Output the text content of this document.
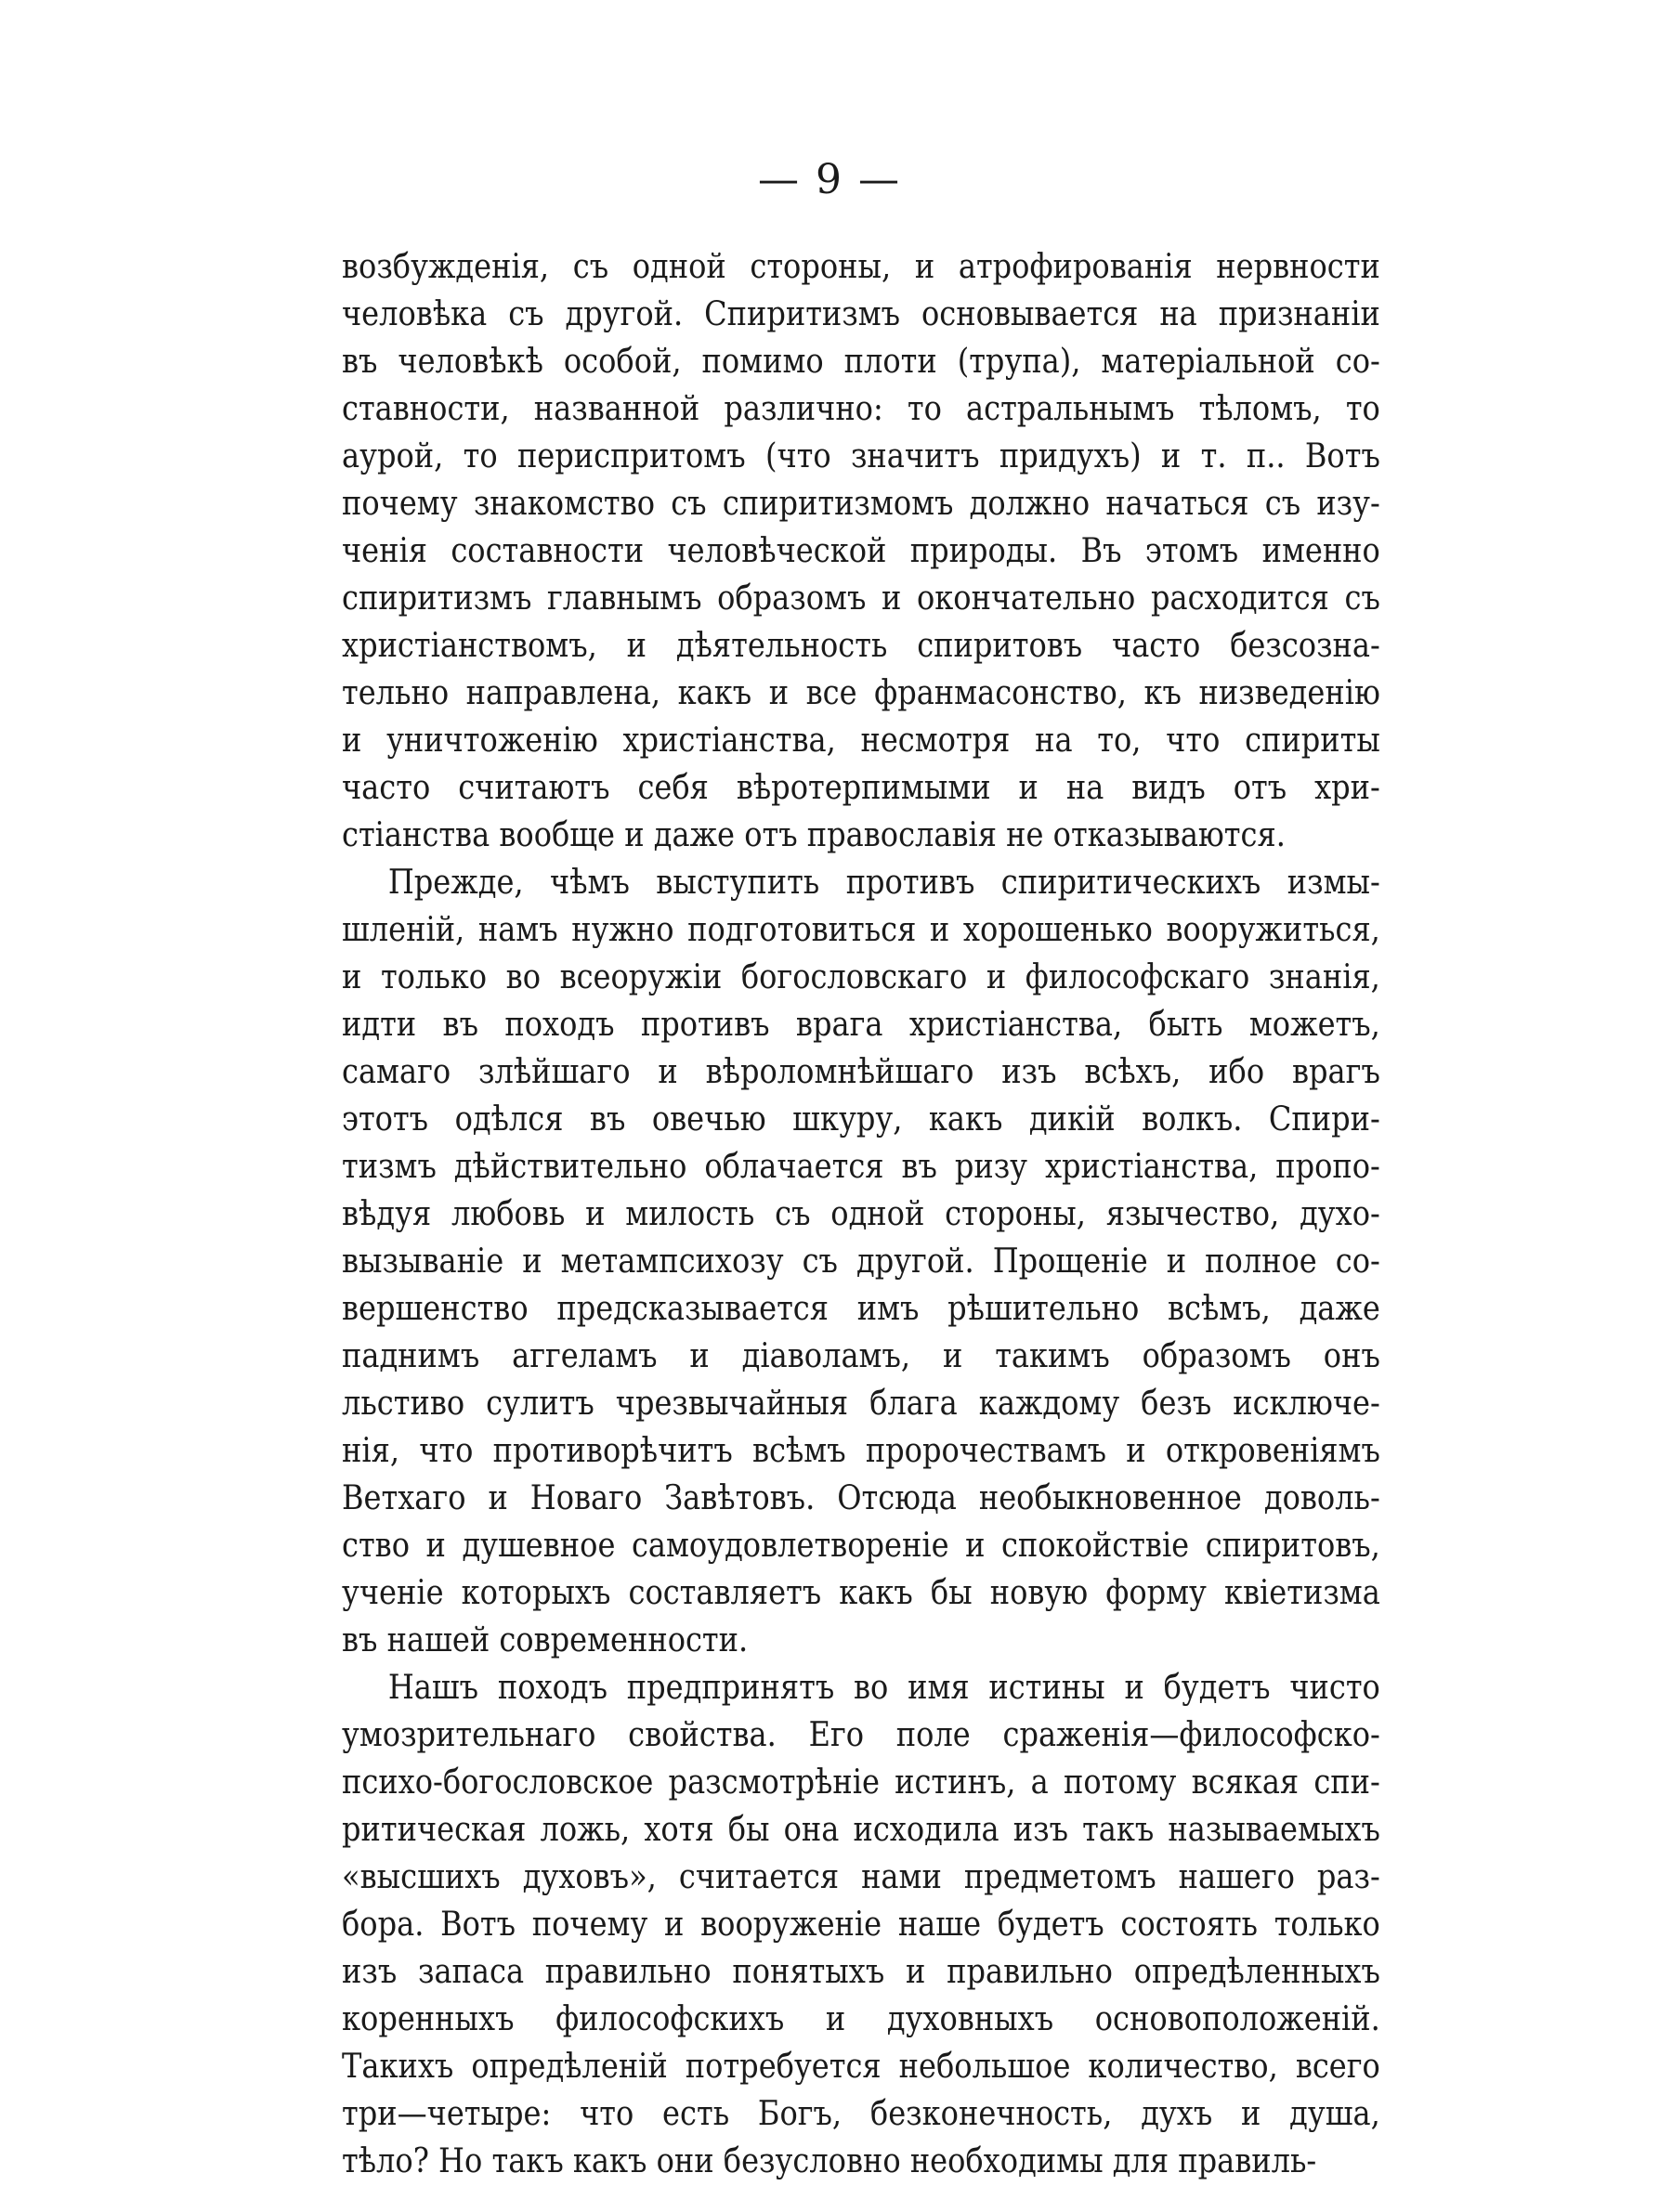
— 9 —
возбужденія, съ одной стороны, и атрофированія нервности
человѣка съ другой. Спиритизмъ основывается на признаніи
въ человѣкѣ особой, помимо плоти (трупа), матеріальной со-
ставности, названной различно: то астральнымъ тѣломъ, то
аурой, то периспритомъ (что значитъ придухъ) и т. п.. Вотъ
почему знакомство съ спиритизмомъ должно начаться съ изу-
ченія составности человѣческой природы. Въ этомъ именно
спиритизмъ главнымъ образомъ и окончательно расходится съ
христіанствомъ, и дѣятельность спиритовъ часто безсозна-
тельно направлена, какъ и все франмасонство, къ низведенію
и уничтоженію христіанства, несмотря на то, что спириты
часто считаютъ себя вѣротерпимыми и на видъ отъ хри-
стіанства вообще и даже отъ православія не отказываются.
Прежде, чѣмъ выступить противъ спиритическихъ измы-
шленій, намъ нужно подготовиться и хорошенько вооружиться,
и только во всеоружіи богословскаго и философскаго знанія,
идти въ походъ противъ врага христіанства, быть можетъ,
самаго злѣйшаго и вѣроломнѣйшаго изъ всѣхъ, ибо врагъ
этотъ одѣлся въ овечью шкуру, какъ дикій волкъ. Спири-
тизмъ дѣйствительно облачается въ ризу христіанства, пропо-
вѣдуя любовь и милость съ одной стороны, язычество, духо-
вызываніе и метампсихозу съ другой. Прощеніе и полное со-
вершенство предсказывается имъ рѣшительно всѣмъ, даже
паднимъ аггеламъ и діаволамъ, и такимъ образомъ онъ
льстиво сулитъ чрезвычайныя блага каждому безъ исключе-
нія, что противорѣчитъ всѣмъ пророчествамъ и откровеніямъ
Ветхаго и Новаго Завѣтовъ. Отсюда необыкновенное доволь-
ство и душевное самоудовлетвореніе и спокойствіе спиритовъ,
ученіе которыхъ составляетъ какъ бы новую форму квіетизма
въ нашей современности.
Нашъ походъ предпринятъ во имя истины и будетъ чисто
умозрительнаго свойства. Его поле сраженія—философско-
психо-богословское разсмотрѣніе истинъ, а потому всякая спи-
ритическая ложь, хотя бы она исходила изъ такъ называемыхъ
«высшихъ духовъ», считается нами предметомъ нашего раз-
бора. Вотъ почему и вооруженіе наше будетъ состоять только
изъ запаса правильно понятыхъ и правильно опредѣленныхъ
коренныхъ философскихъ и духовныхъ основоположеній.
Такихъ опредѣленій потребуется небольшое количество, всего
три—четыре: что есть Богъ, безконечность, духъ и душа,
тѣло? Но такъ какъ они безусловно необходимы для правиль-
